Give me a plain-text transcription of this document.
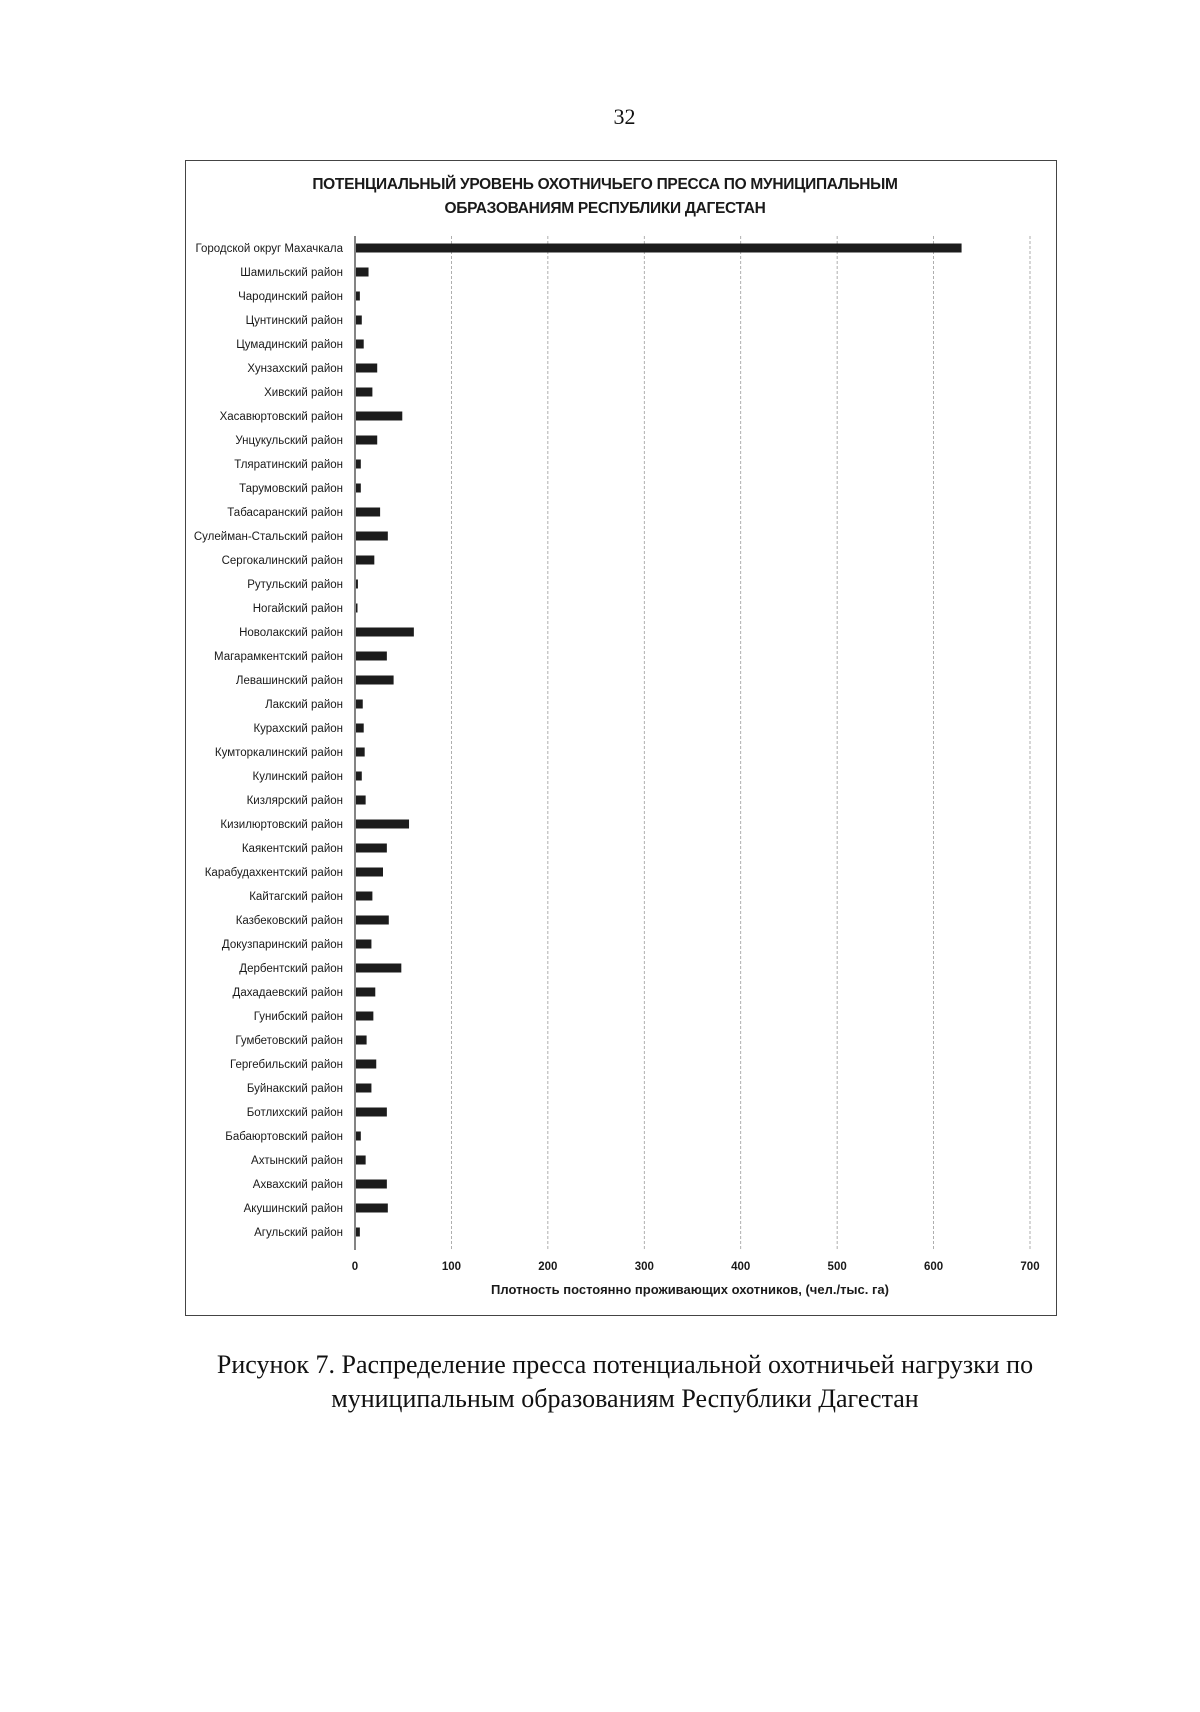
32
ПОТЕНЦИАЛЬНЫЙ УРОВЕНЬ ОХОТНИЧЬЕГО ПРЕССА ПО МУНИЦИПАЛЬНЫМ
ОБРАЗОВАНИЯМ РЕСПУБЛИКИ ДАГЕСТАН
Городской округ Махачкала
Шамильский район
Чародинский район
Цунтинский район
Цумадинский район
Хунзахский район
Хивский район
Хасавюртовский район
Унцукульский район
Тляратинский район
Тарумовский район
Табасаранский район
Сулейман-Стальский район
Сергокалинский район
Рутульский район
Ногайский район
Новолакский район
Магарамкентский район
Левашинский район
Лакский район
Курахский район
Кумторкалинский район
Кулинский район
Кизлярский район
Кизилюртовский район
Каякентский район
Карабудахкентский район
Кайтагский район
Казбековский район
Докузпаринский район
Дербентский район
Дахадаевский район
Гунибский район
Гумбетовский район
Гергебильский район
Буйнакский район
Ботлихский район
Бабаюртовский район
Ахтынский район
Ахвахский район
Акушинский район
Агульский район
0	100	200	300	400	500	600	700
Плотность постоянно проживающих охотников, (чел./тыс. га)
Рисунок 7. Распределение пресса потенциальной охотничьей нагрузки по
муниципальным образованиям Республики Дагестан
